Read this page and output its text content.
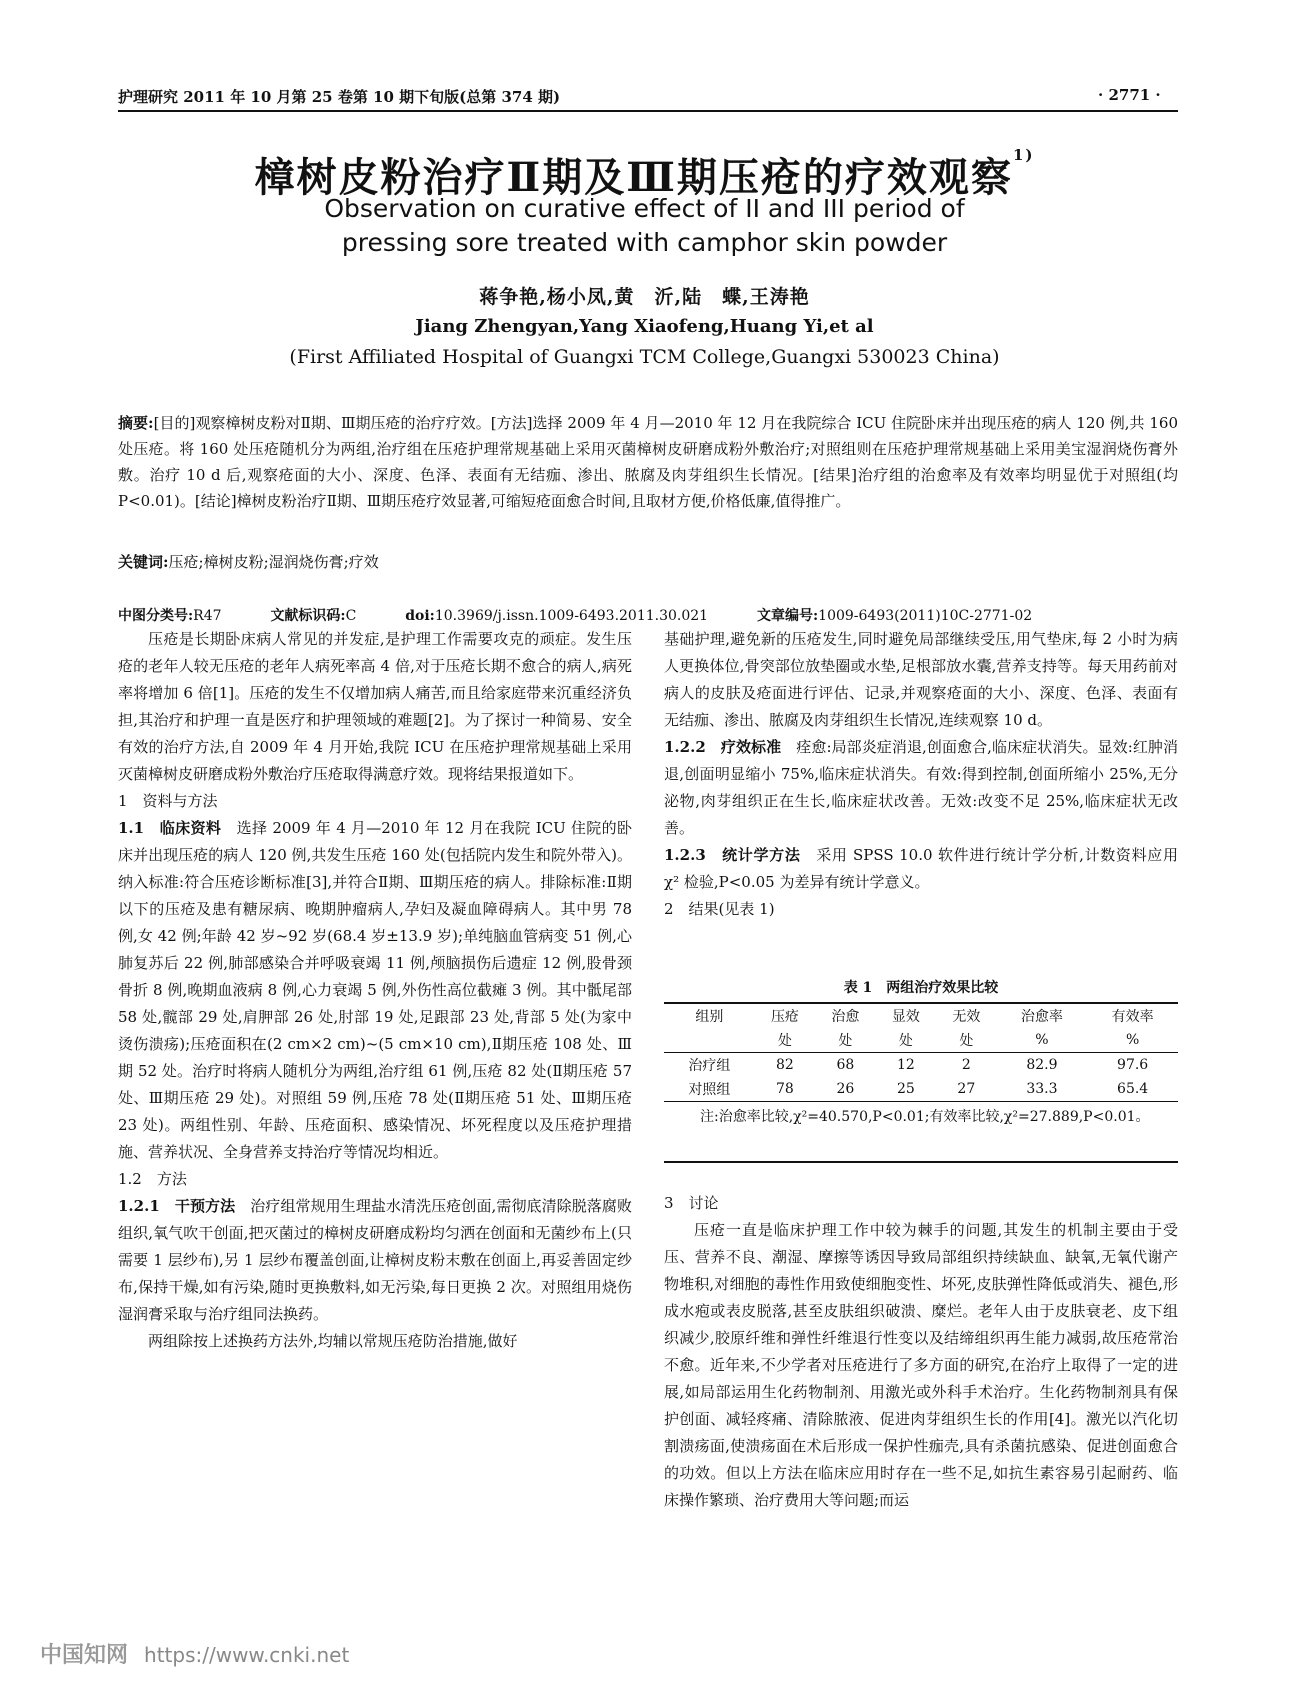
护理研究 2011 年 10 月第 25 卷第 10 期下旬版(总第 374 期)	· 2771 ·
樟树皮粉治疗Ⅱ期及Ⅲ期压疮的疗效观察$^{1)}$
Observation on curative effect of II and III period of
pressing sore treated with camphor skin powder
蒋争艳,杨小凤,黄　沂,陆　蝶,王涛艳
Jiang Zhengyan,Yang Xiaofeng,Huang Yi,et al
(First Affiliated Hospital of Guangxi TCM College,Guangxi 530023 China)
摘要:[目的]观察樟树皮粉对Ⅱ期、Ⅲ期压疮的治疗疗效。[方法]选择 2009 年 4 月—2010 年 12 月在我院综合 ICU 住院卧床并出现压疮的病人 120 例,共 160 处压疮。将 160 处压疮随机分为两组,治疗组在压疮护理常规基础上采用灭菌樟树皮研磨成粉外敷治疗;对照组则在压疮护理常规基础上采用美宝湿润烧伤膏外敷。治疗 10 d 后,观察疮面的大小、深度、色泽、表面有无结痂、渗出、脓腐及肉芽组织生长情况。[结果]治疗组的治愈率及有效率均明显优于对照组(均 P<0.01)。[结论]樟树皮粉治疗Ⅱ期、Ⅲ期压疮疗效显著,可缩短疮面愈合时间,且取材方便,价格低廉,值得推广。
关键词:压疮;樟树皮粉;湿润烧伤膏;疗效
中图分类号:R47	文献标识码:C	doi:10.3969/j.issn.1009-6493.2011.30.021	文章编号:1009-6493(2011)10C-2771-02

压疮是长期卧床病人常见的并发症,是护理工作需要攻克的顽症。发生压疮的老年人较无压疮的老年人病死率高 4 倍,对于压疮长期不愈合的病人,病死率将增加 6 倍[1]。压疮的发生不仅增加病人痛苦,而且给家庭带来沉重经济负担,其治疗和护理一直是医疗和护理领域的难题[2]。为了探讨一种简易、安全有效的治疗方法,自 2009 年 4 月开始,我院 ICU 在压疮护理常规基础上采用灭菌樟树皮研磨成粉外敷治疗压疮取得满意疗效。现将结果报道如下。

1　资料与方法

1.1　临床资料　 选择 2009 年 4 月—2010 年 12 月在我院 ICU 住院的卧床并出现压疮的病人 120 例,共发生压疮 160 处(包括院内发生和院外带入)。纳入标准:符合压疮诊断标准[3],并符合Ⅱ期、Ⅲ期压疮的病人。排除标准:Ⅱ期以下的压疮及患有糖尿病、晚期肿瘤病人,孕妇及凝血障碍病人。其中男 78 例,女 42 例;年龄 42 岁~92 岁(68.4 岁±13.9 岁);单纯脑血管病变 51 例,心肺复苏后 22 例,肺部感染合并呼吸衰竭 11 例,颅脑损伤后遗症 12 例,股骨颈骨折 8 例,晚期血液病 8 例,心力衰竭 5 例,外伤性高位截瘫 3 例。其中骶尾部 58 处,髋部 29 处,肩胛部 26 处,肘部 19 处,足跟部 23 处,背部 5 处(为家中烫伤溃疡);压疮面积在(2 cm×2 cm)~(5 cm×10 cm),Ⅱ期压疮 108 处、Ⅲ期 52 处。治疗时将病人随机分为两组,治疗组 61 例,压疮 82 处(Ⅱ期压疮 57 处、Ⅲ期压疮 29 处)。对照组 59 例,压疮 78 处(Ⅱ期压疮 51 处、Ⅲ期压疮 23 处)。两组性别、年龄、压疮面积、感染情况、坏死程度以及压疮护理措施、营养状况、全身营养支持治疗等情况均相近。

1.2　方法

1.2.1　干预方法　 治疗组常规用生理盐水清洗压疮创面,需彻底清除脱落腐败组织,氧气吹干创面,把灭菌过的樟树皮研磨成粉均匀洒在创面和无菌纱布上(只需要 1 层纱布),另 1 层纱布覆盖创面,让樟树皮粉末敷在创面上,再妥善固定纱布,保持干燥,如有污染,随时更换敷料,如无污染,每日更换 2 次。对照组用烧伤湿润膏采取与治疗组同法换药。

两组除按上述换药方法外,均辅以常规压疮防治措施,做好

基础护理,避免新的压疮发生,同时避免局部继续受压,用气垫床,每 2 小时为病人更换体位,骨突部位放垫圈或水垫,足根部放水囊,营养支持等。每天用药前对病人的皮肤及疮面进行评估、记录,并观察疮面的大小、深度、色泽、表面有无结痂、渗出、脓腐及肉芽组织生长情况,连续观察 10 d。

1.2.2　疗效标准　 痊愈:局部炎症消退,创面愈合,临床症状消失。显效:红肿消退,创面明显缩小 75%,临床症状消失。有效:得到控制,创面所缩小 25%,无分泌物,肉芽组织正在生长,临床症状改善。无效:改变不足 25%,临床症状无改善。

1.2.3　统计学方法　 采用 SPSS 10.0 软件进行统计学分析,计数资料应用 χ² 检验,P<0.05 为差异有统计学意义。

2　结果(见表 1)

表 1　两组治疗效果比较
组别	压疮	治愈	显效	无效	治愈率	有效率
	处	处	处	处	%	%
治疗组	82	68	12	2	82.9	97.6
对照组	78	26	25	27	33.3	65.4
注:治愈率比较,χ²=40.570,P<0.01;有效率比较,χ²=27.889,P<0.01。

3　讨论

压疮一直是临床护理工作中较为棘手的问题,其发生的机制主要由于受压、营养不良、潮湿、摩擦等诱因导致局部组织持续缺血、缺氧,无氧代谢产物堆积,对细胞的毒性作用致使细胞变性、坏死,皮肤弹性降低或消失、褪色,形成水疱或表皮脱落,甚至皮肤组织破溃、糜烂。老年人由于皮肤衰老、皮下组织减少,胶原纤维和弹性纤维退行性变以及结缔组织再生能力减弱,故压疮常治不愈。近年来,不少学者对压疮进行了多方面的研究,在治疗上取得了一定的进展,如局部运用生化药物制剂、用激光或外科手术治疗。生化药物制剂具有保护创面、减轻疼痛、清除脓液、促进肉芽组织生长的作用[4]。激光以汽化切割溃疡面,使溃疡面在术后形成一保护性痂壳,具有杀菌抗感染、促进创面愈合的功效。但以上方法在临床应用时存在一些不足,如抗生素容易引起耐药、临床操作繁琐、治疗费用大等问题;而运

中国知网 https://www.cnki.net
